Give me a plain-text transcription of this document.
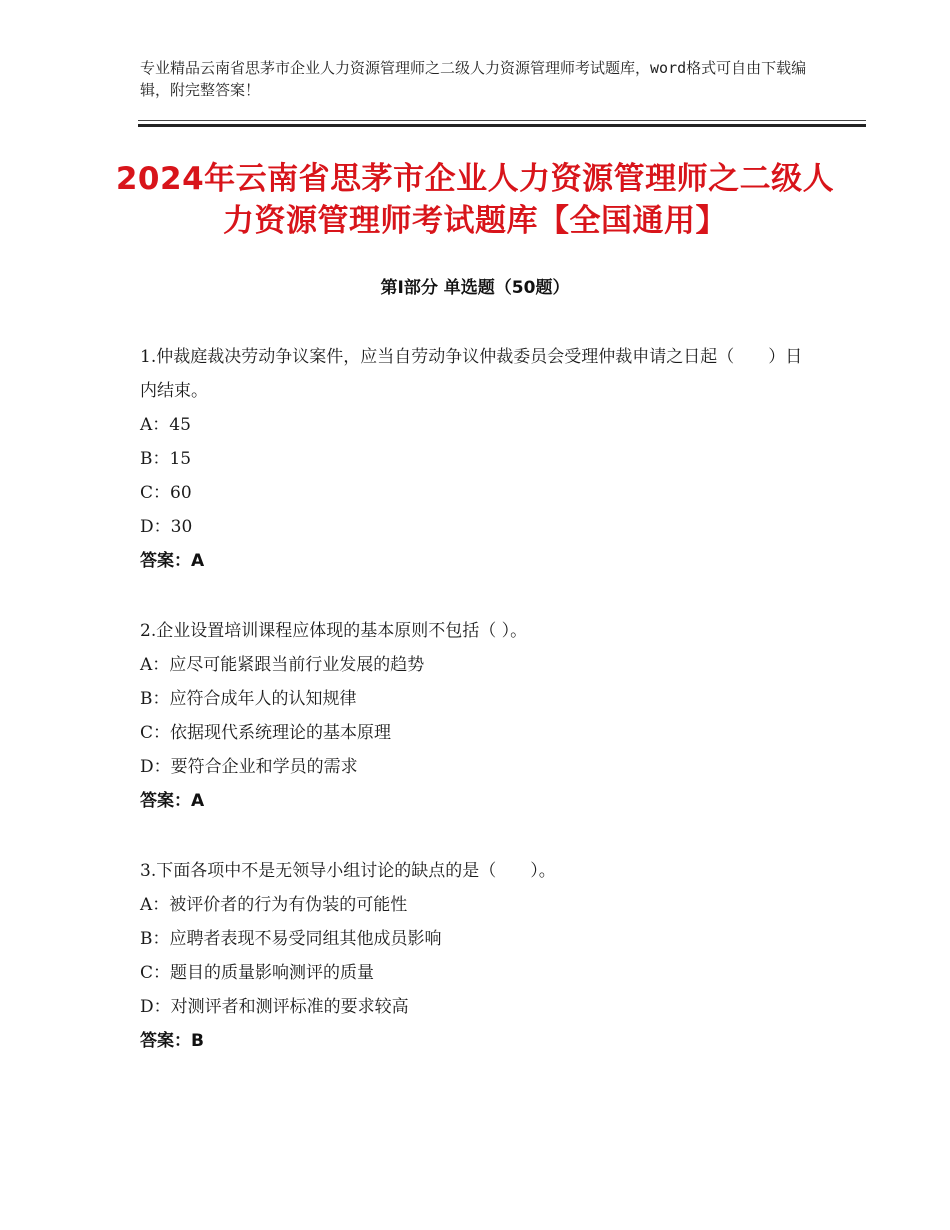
专业精品云南省思茅市企业人力资源管理师之二级人力资源管理师考试题库，word格式可自由下载编辑，附完整答案！
2024年云南省思茅市企业人力资源管理师之二级人力资源管理师考试题库【全国通用】
第Ⅰ部分 单选题（50题）
1.仲裁庭裁决劳动争议案件，应当自劳动争议仲裁委员会受理仲裁申请之日起（　　）日内结束。
A：45
B：15
C：60
D：30
答案：A
2.企业设置培训课程应体现的基本原则不包括（ ）。
A：应尽可能紧跟当前行业发展的趋势
B：应符合成年人的认知规律
C：依据现代系统理论的基本原理
D：要符合企业和学员的需求
答案：A
3.下面各项中不是无领导小组讨论的缺点的是（　　）。
A：被评价者的行为有伪装的可能性
B：应聘者表现不易受同组其他成员影响
C：题目的质量影响测评的质量
D：对测评者和测评标准的要求较高
答案：B
